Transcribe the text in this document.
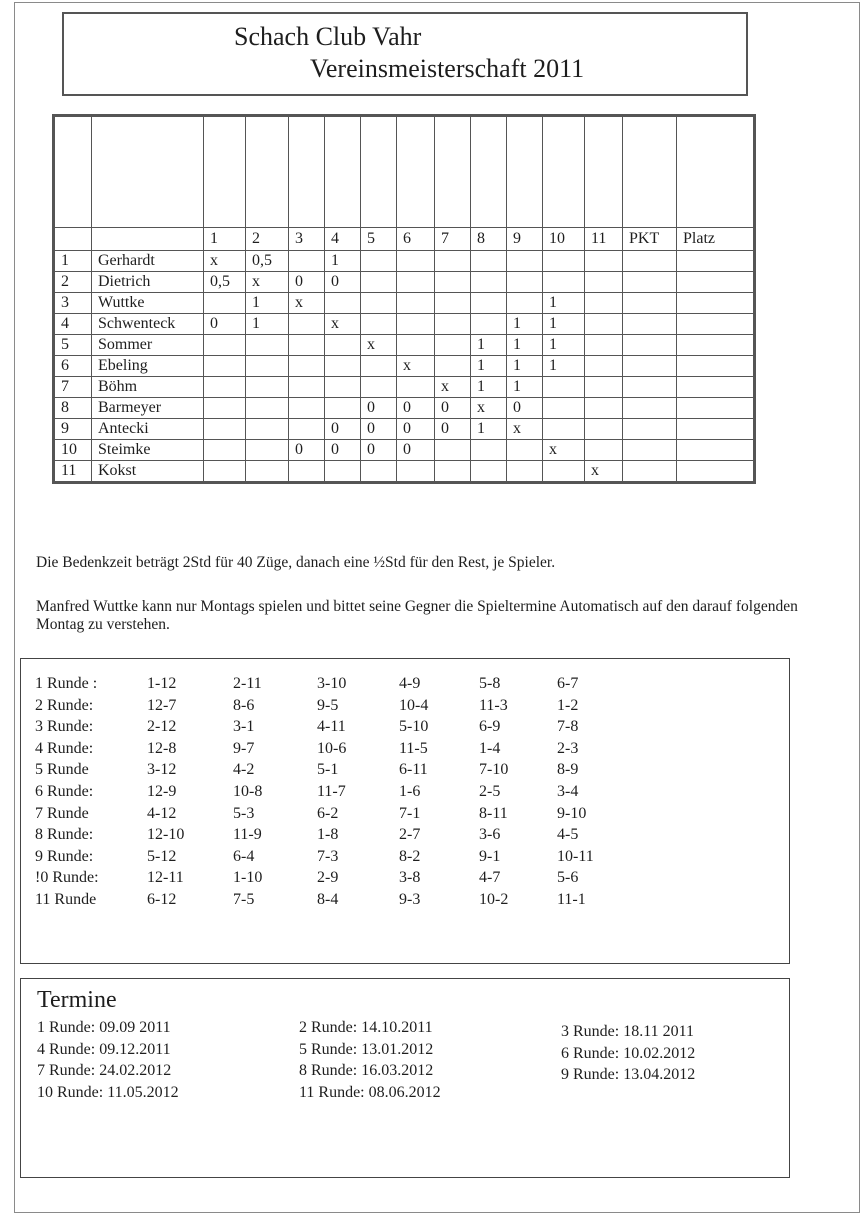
Schach Club Vahr
Vereinsmeisterschaft 2011

		1	2	3	4	5	6	7	8	9	10	11	PKT	Platz
1	Gerhardt	x	0,5		1									
2	Dietrich	0,5	x	0	0									
3	Wuttke		1	x							1			
4	Schwenteck	0	1		x					1	1			
5	Sommer					x			1	1	1			
6	Ebeling						x		1	1	1			
7	Böhm							x	1	1				
8	Barmeyer					0	0	0	x	0				
9	Antecki				0	0	0	0	1	x				
10	Steimke			0	0	0	0				x			
11	Kokst											x		
Die Bedenkzeit beträgt 2Std für 40 Züge, danach eine ½Std für den Rest, je Spieler.
Manfred Wuttke kann nur Montags spielen und bittet seine Gegner die Spieltermine Automatisch auf den darauf folgenden Montag zu verstehen.
1 Runde :	1-12	2-11	3-10	4-9	5-8	6-7
2 Runde:	12-7	8-6	9-5	10-4	11-3	1-2
3 Runde:	2-12	3-1	4-11	5-10	6-9	7-8
4 Runde:	12-8	9-7	10-6	11-5	1-4	2-3
5 Runde	3-12	4-2	5-1	6-11	7-10	8-9
6 Runde:	12-9	10-8	11-7	1-6	2-5	3-4
7 Runde	4-12	5-3	6-2	7-1	8-11	9-10
8 Runde:	12-10	11-9	1-8	2-7	3-6	4-5
9 Runde:	5-12	6-4	7-3	8-2	9-1	10-11
!0 Runde:	12-11	1-10	2-9	3-8	4-7	5-6
11 Runde	6-12	7-5	8-4	9-3	10-2	11-1
Termine
1 Runde: 09.09 2011
4 Runde: 09.12.2011
7 Runde: 24.02.2012
10 Runde: 11.05.2012
2 Runde: 14.10.2011
5 Runde: 13.01.2012
8 Runde: 16.03.2012
11 Runde: 08.06.2012
3 Runde: 18.11 2011
6 Runde: 10.02.2012
9 Runde: 13.04.2012
